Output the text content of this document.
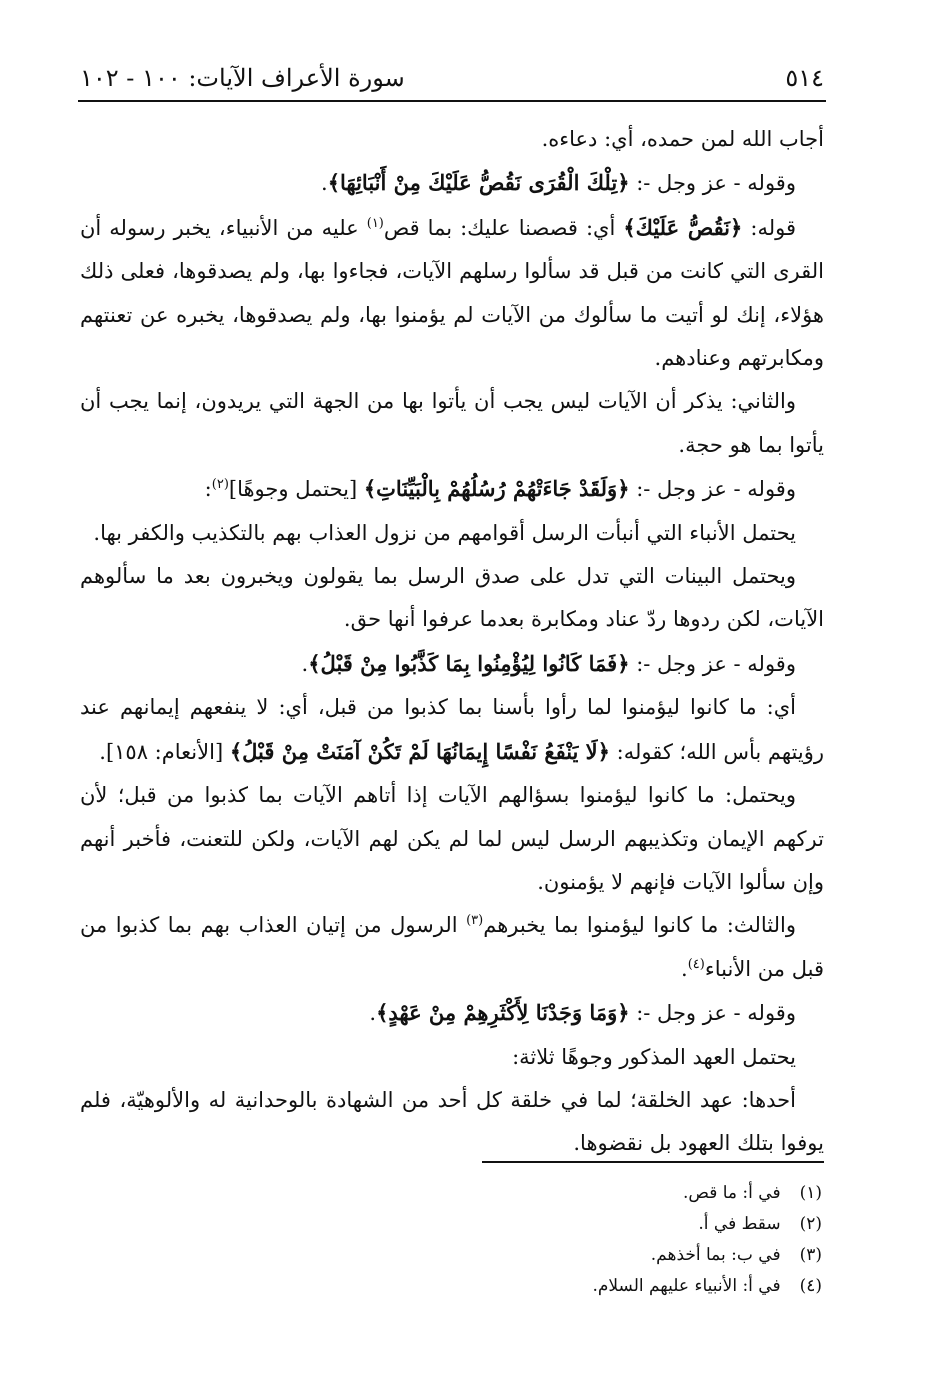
٥١٤
سورة الأعراف الآيات: ١٠٠ - ١٠٢

أجاب الله لمن حمده، أي: دعاءه.

وقوله - عز وجل -: ﴿تِلْكَ الْقُرَى نَقُصُّ عَلَيْكَ مِنْ أَنْبَائِهَا﴾.

قوله: ﴿نَقُصُّ عَلَيْكَ﴾ أي: قصصنا عليك: بما قص$^{(١)}$ عليه من الأنبياء، يخبر رسوله أن القرى التي كانت من قبل قد سألوا رسلهم الآيات، فجاءوا بها، ولم يصدقوها، فعلى ذلك هؤلاء، إنك لو أتيت ما سألوك من الآيات لم يؤمنوا بها، ولم يصدقوها، يخبره عن تعنتهم ومكابرتهم وعنادهم.

والثاني: يذكر أن الآيات ليس يجب أن يأتوا بها من الجهة التي يريدون، إنما يجب أن يأتوا بما هو حجة.

وقوله - عز وجل -: ﴿وَلَقَدْ جَاءَتْهُمْ رُسُلُهُمْ بِالْبَيِّنَاتِ﴾ [يحتمل وجوهًا]$^{(٢)}$:

يحتمل الأنباء التي أنبأت الرسل أقوامهم من نزول العذاب بهم بالتكذيب والكفر بها.

ويحتمل البينات التي تدل على صدق الرسل بما يقولون ويخبرون بعد ما سألوهم الآيات، لكن ردوها ردّ عناد ومكابرة بعدما عرفوا أنها حق.

وقوله - عز وجل -: ﴿فَمَا كَانُوا لِيُؤْمِنُوا بِمَا كَذَّبُوا مِنْ قَبْلُ﴾.

أي: ما كانوا ليؤمنوا لما رأوا بأسنا بما كذبوا من قبل، أي: لا ينفعهم إيمانهم عند رؤيتهم بأس الله؛ كقوله: ﴿لَا يَنْفَعُ نَفْسًا إِيمَانُهَا لَمْ تَكُنْ آمَنَتْ مِنْ قَبْلُ﴾ [الأنعام: ١٥٨].

ويحتمل: ما كانوا ليؤمنوا بسؤالهم الآيات إذا أتاهم الآيات بما كذبوا من قبل؛ لأن تركهم الإيمان وتكذيبهم الرسل ليس لما لم يكن لهم الآيات، ولكن للتعنت، فأخبر أنهم وإن سألوا الآيات فإنهم لا يؤمنون.

والثالث: ما كانوا ليؤمنوا بما يخبرهم$^{(٣)}$ الرسول من إتيان العذاب بهم بما كذبوا من قبل من الأنباء$^{(٤)}$.

وقوله - عز وجل -: ﴿وَمَا وَجَدْنَا لِأَكْثَرِهِمْ مِنْ عَهْدٍ﴾.

يحتمل العهد المذكور وجوهًا ثلاثة:

أحدها: عهد الخلقة؛ لما في خلقة كل أحد من الشهادة بالوحدانية له والألوهيّة، فلم يوفوا بتلك العهود بل نقضوها.

(١) في أ: ما قص.
(٢) سقط في أ.
(٣) في ب: بما أخذهم.
(٤) في أ: الأنبياء عليهم السلام.
